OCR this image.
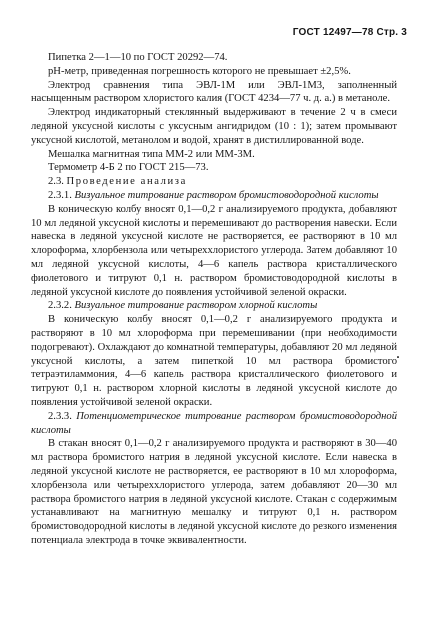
ГОСТ 12497—78 Стр. 3

Пипетка 2—1—10 по ГОСТ 20292—74.

рН-метр, приведенная погрешность которого не превышает ±2,5%.

Электрод сравнения типа ЭВЛ-1М или ЭВЛ-1М3, заполненный насыщенным раствором хлористого калия (ГОСТ 4234—77 ч. д. а.) в метаноле.

Электрод индикаторный стеклянный выдерживают в течение 2 ч в смеси ледяной уксусной кислоты с уксусным ангидридом (10 : 1); затем промывают уксусной кислотой, метанолом и водой, хранят в дистиллированной воде.

Мешалка магнитная типа ММ-2 или ММ-3М.

Термометр 4-Б 2 по ГОСТ 215—73.

2.3. Проведение анализа

2.3.1. Визуальное титрование раствором бромистоводородной кислоты

В коническую колбу вносят 0,1—0,2 г анализируемого продукта, добавляют 10 мл ледяной уксусной кислоты и перемешивают до растворения навески. Если навеска в ледяной уксусной кислоте не растворяется, ее растворяют в 10 мл хлороформа, хлорбензола или четыреххлористого углерода. Затем добавляют 10 мл ледяной уксусной кислоты, 4—6 капель раствора кристаллического фиолетового и титруют 0,1 н. раствором бромистоводородной кислоты в ледяной уксусной кислоте до появления устойчивой зеленой окраски.

2.3.2. Визуальное титрование раствором хлорной кислоты

В коническую колбу вносят 0,1—0,2 г анализируемого продукта и растворяют в 10 мл хлороформа при перемешивании (при необходимости подогревают). Охлаждают до комнатной температуры, добавляют 20 мл ледяной уксусной кислоты, а затем пипеткой 10 мл раствора бромистого тетраэтиламмония, 4—6 капель раствора кристаллического фиолетового и титруют 0,1 н. раствором хлорной кислоты в ледяной уксусной кислоте до появления устойчивой зеленой окраски.

2.3.3. Потенциометрическое титрование раствором бромистоводородной кислоты

В стакан вносят 0,1—0,2 г анализируемого продукта и растворяют в 30—40 мл раствора бромистого натрия в ледяной уксусной кислоте. Если навеска в ледяной уксусной кислоте не растворяется, ее растворяют в 10 мл хлороформа, хлорбензола или четыреххлористого углерода, затем добавляют 20—30 мл раствора бромистого натрия в ледяной уксусной кислоте. Стакан с содержимым устанавливают на магнитную мешалку и титруют 0,1 н. раствором бромистоводородной кислоты в ледяной уксусной кислоте до резкого изменения потенциала электрода в точке эквивалентности.

·
